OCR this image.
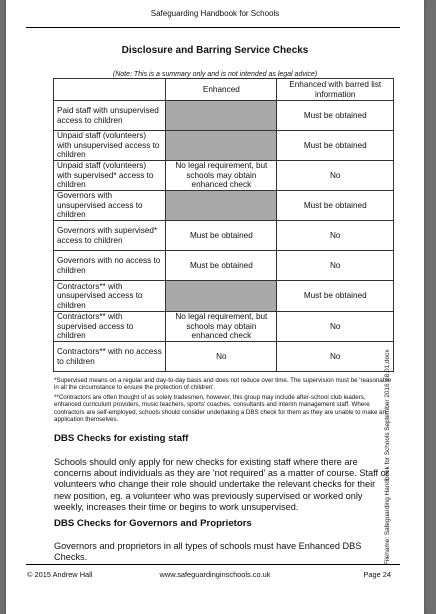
Safeguarding Handbook for Schools
Disclosure and Barring Service Checks
(Note: This is a summary only and is not intended as legal advice)
	Enhanced	Enhanced with barred list information
Paid staff with unsupervised access to children		Must be obtained
Unpaid staff (volunteers) with unsupervised access to children		Must be obtained
Unpaid staff (volunteers) with supervised* access to children	No legal requirement, but schools may obtain enhanced check	No
Governors with unsupervised access to children		Must be obtained
Governors with supervised* access to children	Must be obtained	No
Governors with no access to children	Must be obtained	No
Contractors** with unsupervised access to children		Must be obtained
Contractors** with supervised access to children	No legal requirement, but schools may obtain enhanced check	No
Contractors** with no access to children	No	No
*Supervised means on a regular and day-to-day basis and does not reduce over time. The supervision must be 'reasonable in all the circumstance to ensure the protection of children'.
**Contractors are often thought of as solely tradesmen, however, this group may include after-school club leaders, enhanced curriculum providers, music teachers, sports' coaches, consultants and interim management staff. Where contractors are self-employed, schools should consider undertaking a DBS check for them as they are unable to make an application themselves.
DBS Checks for existing staff
Schools should only apply for new checks for existing staff where there are concerns about individuals as they are 'not required' as a matter of course. Staff or volunteers who change their role should undertake the relevant checks for their new position, eg. a volunteer who was previously supervised or worked only weekly, increases their time or begins to work unsupervised.
DBS Checks for Governors and Proprietors
Governors and proprietors in all types of schools must have Enhanced DBS Checks.
© 2015 Andrew Hall	www.safeguardinginschools.co.uk	Page 24
Filename: Safeguarding Handbook for Schools September 2016 v.8.01.docx
